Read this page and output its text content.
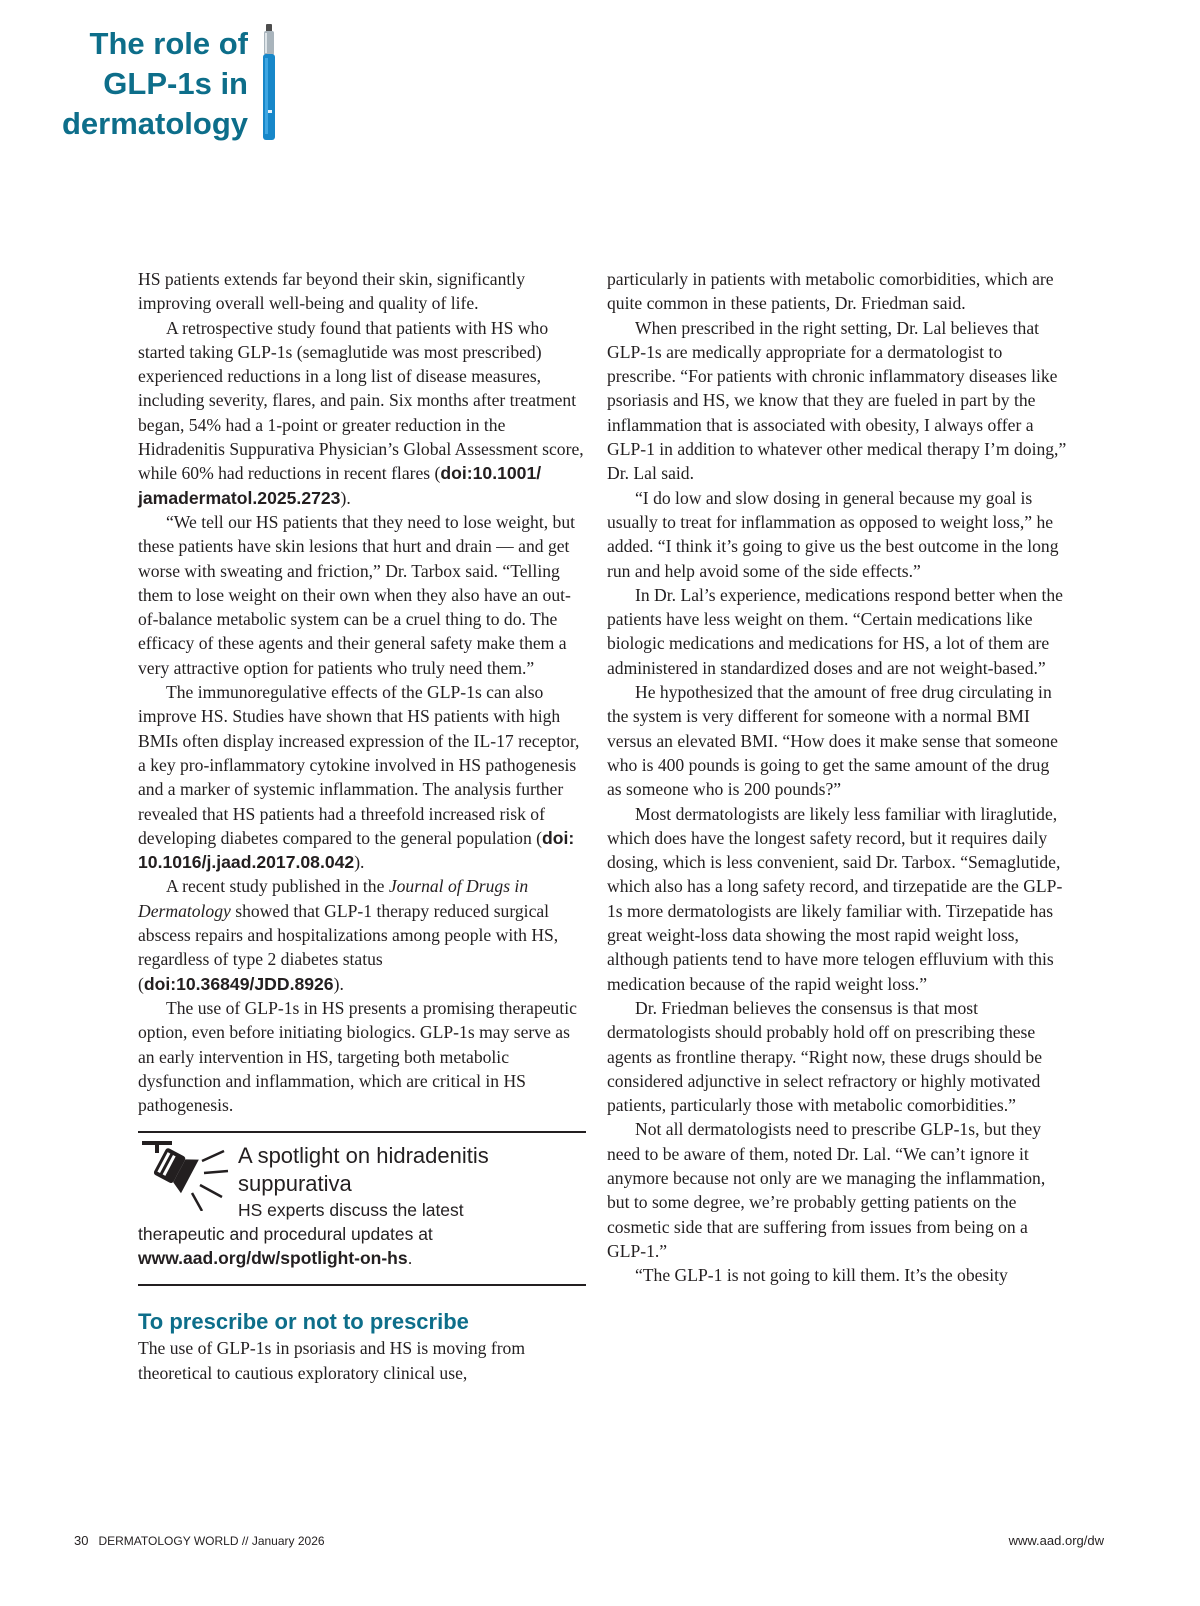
The role of
GLP-1s in
dermatology

HS patients extends far beyond their skin, significantly improving overall well-being and quality of life.

A retrospective study found that patients with HS who started taking GLP-1s (semaglutide was most prescribed) experienced reductions in a long list of disease measures, including severity, flares, and pain. Six months after treatment began, 54% had a 1-point or greater reduction in the Hidradenitis Suppurativa Physician’s Global Assessment score, while 60% had reductions in recent flares (doi:10.1001/ jamadermatol.2025.2723).

“We tell our HS patients that they need to lose weight, but these patients have skin lesions that hurt and drain — and get worse with sweating and friction,” Dr. Tarbox said. “Telling them to lose weight on their own when they also have an out-of-balance metabolic system can be a cruel thing to do. The efficacy of these agents and their general safety make them a very attractive option for patients who truly need them.”

The immunoregulative effects of the GLP-1s can also improve HS. Studies have shown that HS patients with high BMIs often display increased expression of the IL-17 receptor, a key pro-inflammatory cytokine involved in HS pathogenesis and a marker of systemic inflammation. The analysis further revealed that HS patients had a threefold increased risk of developing diabetes compared to the general population (doi: 10.1016/j.jaad.2017.08.042).

A recent study published in the Journal of Drugs in Dermatology showed that GLP-1 therapy reduced surgical abscess repairs and hospitalizations among people with HS, regardless of type 2 diabetes status (doi:10.36849/JDD.8926).

The use of GLP-1s in HS presents a promising therapeutic option, even before initiating biologics. GLP-1s may serve as an early intervention in HS, targeting both metabolic dysfunction and inflammation, which are critical in HS pathogenesis.

A spotlight on hidradenitis suppurativa
HS experts discuss the latest
therapeutic and procedural updates at www.aad.org/dw/spotlight-on-hs.
To prescribe or not to prescribe

The use of GLP-1s in psoriasis and HS is moving from theoretical to cautious exploratory clinical use,

particularly in patients with metabolic comorbidities, which are quite common in these patients, Dr. Friedman said.

When prescribed in the right setting, Dr. Lal believes that GLP-1s are medically appropriate for a dermatologist to prescribe. “For patients with chronic inflammatory diseases like psoriasis and HS, we know that they are fueled in part by the inflammation that is associated with obesity, I always offer a GLP-1 in addition to whatever other medical therapy I’m doing,” Dr. Lal said.

“I do low and slow dosing in general because my goal is usually to treat for inflammation as opposed to weight loss,” he added. “I think it’s going to give us the best outcome in the long run and help avoid some of the side effects.”

In Dr. Lal’s experience, medications respond better when the patients have less weight on them. “Certain medications like biologic medications and medications for HS, a lot of them are administered in standardized doses and are not weight-based.”

He hypothesized that the amount of free drug circulating in the system is very different for someone with a normal BMI versus an elevated BMI. “How does it make sense that someone who is 400 pounds is going to get the same amount of the drug as someone who is 200 pounds?”

Most dermatologists are likely less familiar with liraglutide, which does have the longest safety record, but it requires daily dosing, which is less convenient, said Dr. Tarbox. “Semaglutide, which also has a long safety record, and tirzepatide are the GLP-1s more dermatologists are likely familiar with. Tirzepatide has great weight-loss data showing the most rapid weight loss, although patients tend to have more telogen effluvium with this medication because of the rapid weight loss.”

Dr. Friedman believes the consensus is that most dermatologists should probably hold off on prescribing these agents as frontline therapy. “Right now, these drugs should be considered adjunctive in select refractory or highly motivated patients, particularly those with metabolic comorbidities.”

Not all dermatologists need to prescribe GLP-1s, but they need to be aware of them, noted Dr. Lal. “We can’t ignore it anymore because not only are we managing the inflammation, but to some degree, we’re probably getting patients on the cosmetic side that are suffering from issues from being on a GLP-1.”

“The GLP-1 is not going to kill them. It’s the obesity

30 DERMATOLOGY WORLD // January 2026	www.aad.org/dw
